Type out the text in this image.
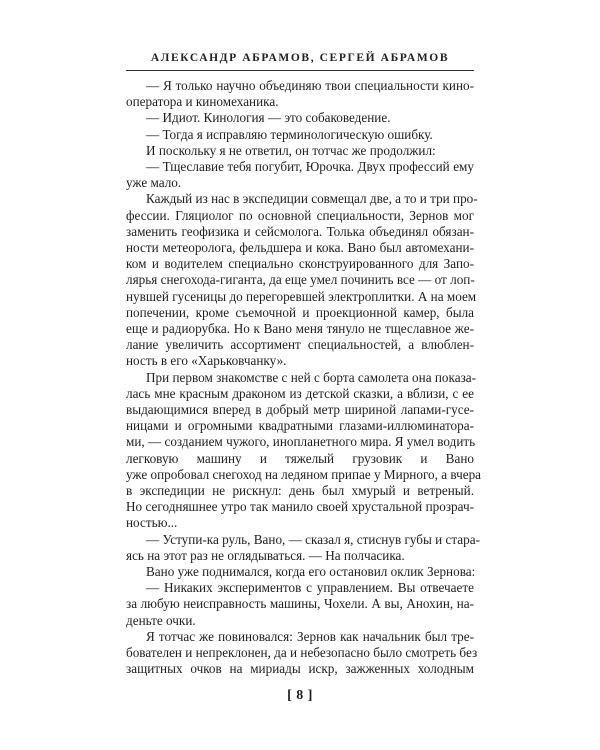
АЛЕКСАНДР АБРАМОВ, СЕРГЕЙ АБРАМОВ
— Я только научно объединяю твои специальности кино-
оператора и киномеханика.
— Идиот. Кинология — это собаковедение.
— Тогда я исправляю терминологическую ошибку.
И поскольку я не ответил, он тотчас же продолжил:
— Тщеславие тебя погубит, Юрочка. Двух профессий ему
уже мало.
Каждый из нас в экспедиции совмещал две, а то и три про-
фессии. Гляциолог по основной специальности, Зернов мог
заменить геофизика и сейсмолога. Толька объединял обязан-
ности метеоролога, фельдшера и кока. Вано был автомехани-
ком и водителем специально сконструированного для Запо-
лярья снегохода-гиганта, да еще умел починить все — от лоп-
нувшей гусеницы до перегоревшей электроплитки. А на моем
попечении, кроме съемочной и проекционной камер, была
еще и радиорубка. Но к Вано меня тянуло не тщеславное же-
лание увеличить ассортимент специальностей, а влюблен-
ность в его «Харьковчанку».
При первом знакомстве с ней с борта самолета она показа-
лась мне красным драконом из детской сказки, а вблизи, с ее
выдающимися вперед в добрый метр шириной лапами-гусе-
ницами и огромными квадратными глазами-иллюминатора-
ми, — созданием чужого, инопланетного мира. Я умел водить
легковую машину и тяжелый грузовик и Вано
уже опробовал снегоход на ледяном припае у Мирного, а вчера
в экспедиции не рискнул: день был хмурый и ветреный.
Но сегодняшнее утро так манило своей хрустальной прозрач-
ностью...
— Уступи-ка руль, Вано, — сказал я, стиснув губы и стара-
ясь на этот раз не оглядываться. — На полчасика.
Вано уже поднимался, когда его остановил оклик Зернова:
— Никаких экспериментов с управлением. Вы отвечаете
за любую неисправность машины, Чохели. А вы, Анохин, на-
деньте очки.
Я тотчас же повиновался: Зернов как начальник был тре-
бователен и непреклонен, да и небезопасно было смотреть без
защитных очков на мириады искр, зажженных холодным
[ 8 ]
